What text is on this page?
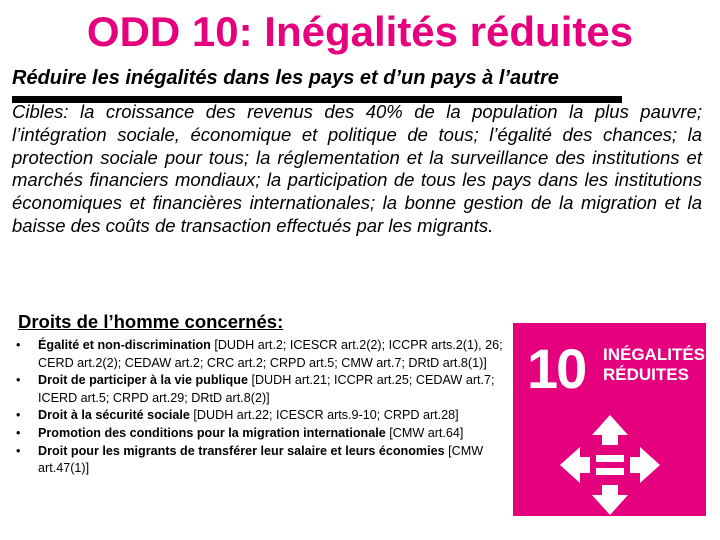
ODD 10: Inégalités réduites
Réduire les inégalités dans les pays et d’un pays à l’autre
Cibles: la croissance des revenus des 40% de la population la plus pauvre; l’intégration sociale, économique et politique de tous; l’égalité des chances; la protection sociale pour tous; la réglementation et la surveillance des institutions et marchés financiers mondiaux; la participation de tous les pays dans les institutions économiques et financières internationales; la bonne gestion de la migration et la baisse des coûts de transaction effectués par les migrants.
Droits de l’homme concernés:
• Égalité et non-discrimination [DUDH art.2; ICESCR art.2(2); ICCPR arts.2(1), 26; CERD art.2(2); CEDAW art.2; CRC art.2; CRPD art.5; CMW art.7; DRtD art.8(1)]
• Droit de participer à la vie publique [DUDH art.21; ICCPR art.25; CEDAW art.7; ICERD art.5; CRPD art.29; DRtD art.8(2)]
• Droit à la sécurité sociale [DUDH art.22; ICESCR arts.9-10; CRPD art.28]
• Promotion des conditions pour la migration internationale [CMW art.64]
• Droit pour les migrants de transférer leur salaire et leurs économies [CMW art.47(1)]
10 INÉGALITÉS
RÉDUITES
